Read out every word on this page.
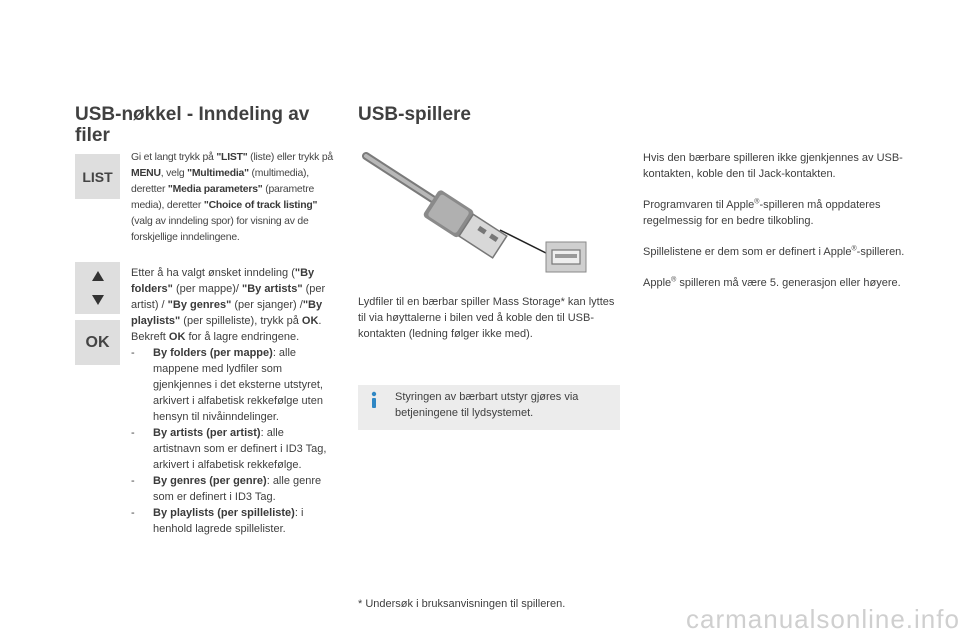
USB-nøkkel - Inndeling av
filer
LIST
Gi et langt trykk på "LIST" (liste) eller trykk på MENU, velg "Multimedia" (multimedia), deretter "Media parameters" (parametre media), deretter "Choice of track listing" (valg av inndeling spor) for visning av de forskjellige inndelingene.
OK
Etter å ha valgt ønsket inndeling ("By folders" (per mappe)/ "By artists" (per artist) / "By genres" (per sjanger) /"By playlists" (per spilleliste), trykk på OK.
Bekreft OK for å lagre endringene.
-	By folders (per mappe): alle mappene med lydfiler som gjenkjennes i det eksterne utstyret, arkivert i alfabetisk rekkefølge uten hensyn til nivåinndelinger.
-	By artists (per artist): alle artistnavn som er definert i ID3 Tag, arkivert i alfabetisk rekkefølge.
-	By genres (per genre): alle genre som er definert i ID3 Tag.
-	By playlists (per spilleliste): i henhold lagrede spillelister.
USB-spillere
Lydfiler til en bærbar spiller Mass Storage* kan lyttes til via høyttalerne i bilen ved å koble den til USB-kontakten (ledning følger ikke med).
Styringen av bærbart utstyr gjøres via betjeningene til lydsystemet.
* Undersøk i bruksanvisningen til spilleren.
Hvis den bærbare spilleren ikke gjenkjennes av USB-kontakten, koble den til Jack-kontakten.
Programvaren til Apple®-spilleren må oppdateres regelmessig for en bedre tilkobling.
Spillelistene er dem som er definert i Apple®-spilleren.
Apple® spilleren må være 5. generasjon eller høyere.
carmanualsonline.info
